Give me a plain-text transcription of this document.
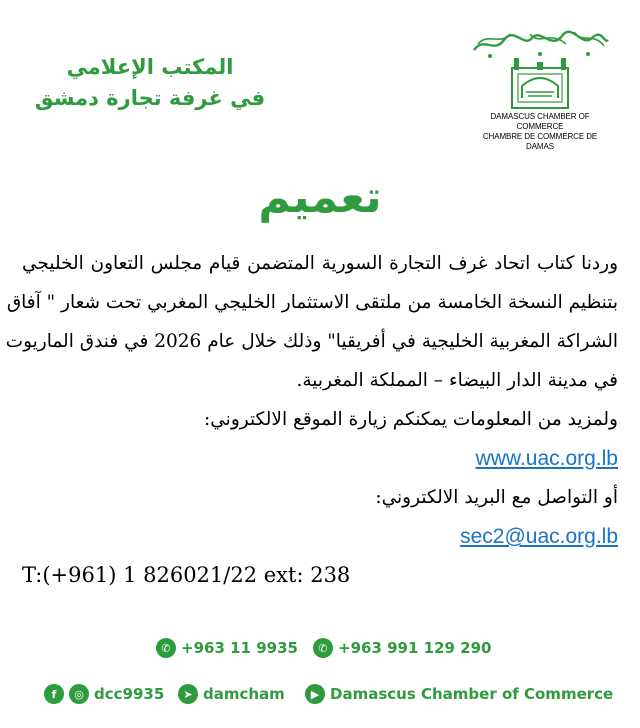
المكتب الإعلامي
في غرفة تجارة دمشق
DAMASCUS CHAMBER OF COMMERCE
CHAMBRE DE COMMERCE DE DAMAS
تعميم
وردنا كتاب اتحاد غرف التجارة السورية المتضمن قيام مجلس التعاون الخليجي
بتنظيم النسخة الخامسة من ملتقى الاستثمار الخليجي المغربي تحت شعار " آفاق
الشراكة المغربية الخليجية في أفريقيا" وذلك خلال عام 2026 في فندق الماريوت
في مدينة الدار البيضاء – المملكة المغربية.
ولمزيد من المعلومات يمكنكم زيارة الموقع الالكتروني:
www.uac.org.lb
أو التواصل مع البريد الالكتروني:
sec2@uac.org.lb
T:(+961) 1 826021/22 ext: 238
✆ +963 11 9935	✆ +963 991 129 290
f	◎ dcc9935	➤ damcham	▶ Damascus Chamber of Commerce
